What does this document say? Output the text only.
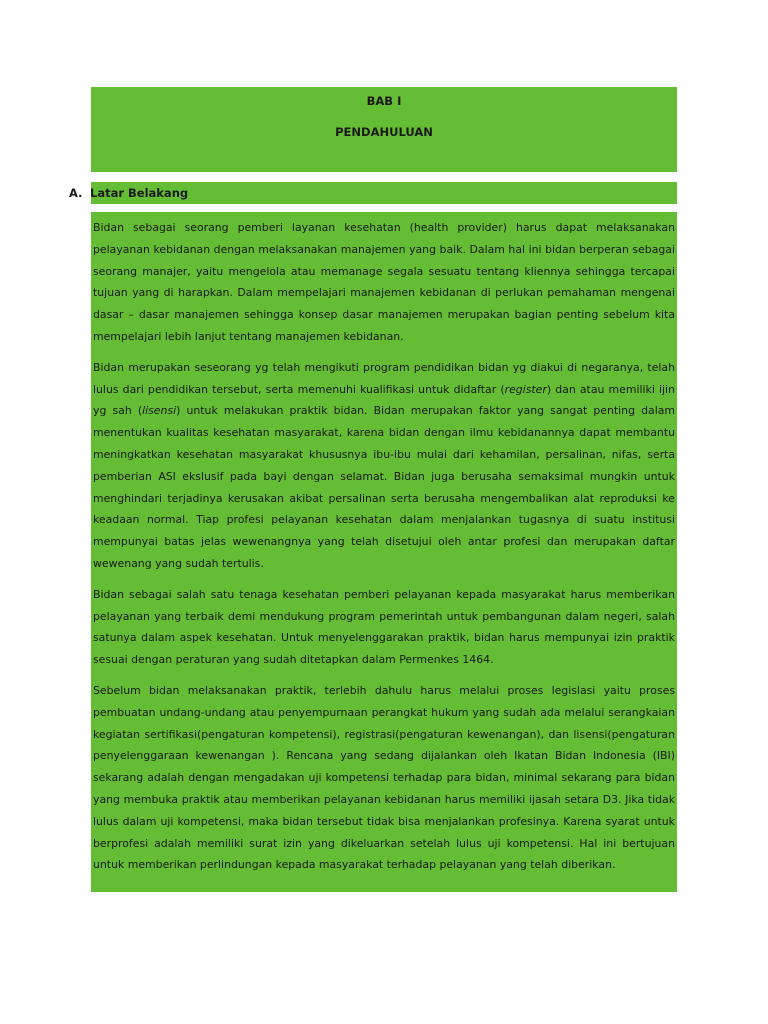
BAB I
PENDAHULUAN
A. Latar Belakang

Bidan sebagai seorang pemberi layanan kesehatan (health provider) harus dapat melaksanakan pelayanan kebidanan dengan melaksanakan manajemen yang baik. Dalam hal ini bidan berperan sebagai seorang manajer, yaitu mengelola atau memanage segala sesuatu tentang kliennya sehingga tercapai tujuan yang di harapkan. Dalam mempelajari manajemen kebidanan di perlukan pemahaman mengenai dasar – dasar manajemen sehingga konsep dasar manajemen merupakan bagian penting sebelum kita mempelajari lebih lanjut tentang manajemen kebidanan.

Bidan merupakan seseorang yg telah mengikuti program pendidikan bidan yg diakui di negaranya, telah lulus dari pendidikan tersebut, serta memenuhi kualifikasi untuk didaftar (register) dan atau memiliki ijin yg sah (lisensi) untuk melakukan praktik bidan. Bidan merupakan faktor yang sangat penting dalam menentukan kualitas kesehatan masyarakat, karena bidan dengan ilmu kebidanannya dapat membantu meningkatkan kesehatan masyarakat khususnya ibu-ibu mulai dari kehamilan, persalinan, nifas, serta pemberian ASI ekslusif pada bayi dengan selamat. Bidan juga berusaha semaksimal mungkin untuk menghindari terjadinya kerusakan akibat persalinan serta berusaha mengembalikan alat reproduksi ke keadaan normal. Tiap profesi pelayanan kesehatan dalam menjalankan tugasnya di suatu institusi mempunyai batas jelas wewenangnya yang telah disetujui oleh antar profesi dan merupakan daftar wewenang yang sudah tertulis.

Bidan sebagai salah satu tenaga kesehatan pemberi pelayanan kepada masyarakat harus memberikan pelayanan yang terbaik demi mendukung program pemerintah untuk pembangunan dalam negeri, salah satunya dalam aspek kesehatan. Untuk menyelenggarakan praktik, bidan harus mempunyai izin praktik sesuai dengan peraturan yang sudah ditetapkan dalam Permenkes 1464.

Sebelum bidan melaksanakan praktik, terlebih dahulu harus melalui proses legislasi yaitu proses pembuatan undang-undang atau penyempurnaan perangkat hukum yang sudah ada melalui serangkaian kegiatan sertifikasi(pengaturan kompetensi), registrasi(pengaturan kewenangan), dan lisensi(pengaturan penyelenggaraan kewenangan ). Rencana yang sedang dijalankan oleh Ikatan Bidan Indonesia (IBI) sekarang adalah dengan mengadakan uji kompetensi terhadap para bidan, minimal sekarang para bidan yang membuka praktik atau memberikan pelayanan kebidanan harus memiliki ijasah setara D3. Jika tidak lulus dalam uji kompetensi, maka bidan tersebut tidak bisa menjalankan profesinya. Karena syarat untuk berprofesi adalah memiliki surat izin yang dikeluarkan setelah lulus uji kompetensi. Hal ini bertujuan untuk memberikan perlindungan kepada masyarakat terhadap pelayanan yang telah diberikan.
